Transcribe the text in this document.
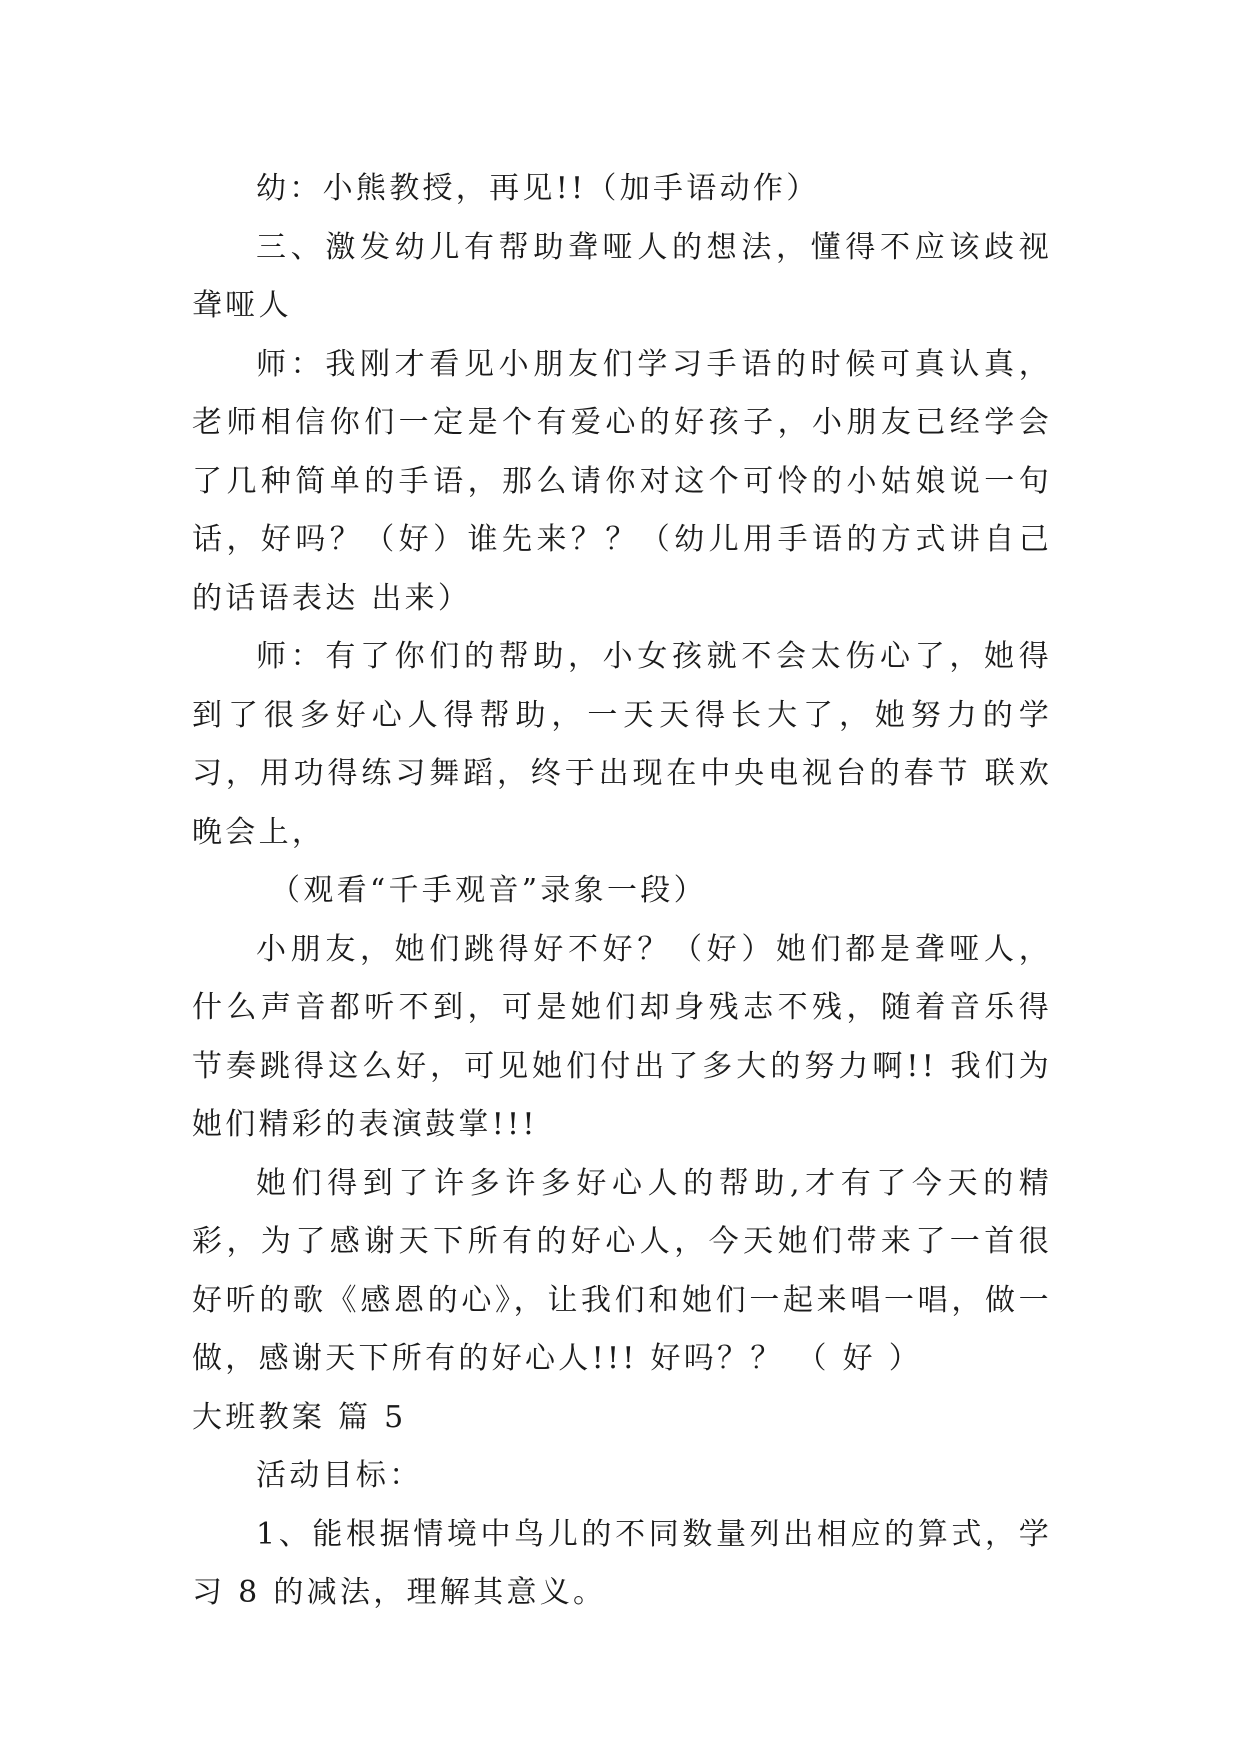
幼：小熊教授，再见!!（加手语动作）

三、激发幼儿有帮助聋哑人的想法，懂得不应该歧视聋哑人

师：我刚才看见小朋友们学习手语的时候可真认真，老师相信你们一定是个有爱心的好孩子，小朋友已经学会了几种简单的手语，那么请你对这个可怜的小姑娘说一句话，好吗？（好）谁先来？？（幼儿用手语的方式讲自己的话语表达 出来）

师：有了你们的帮助，小女孩就不会太伤心了，她得到了很多好心人得帮助，一天天得长大了，她努力的学习，用功得练习舞蹈，终于出现在中央电视台的春节 联欢晚会上，

（观看“千手观音”录象一段）

小朋友，她们跳得好不好？（好）她们都是聋哑人，什么声音都听不到，可是她们却身残志不残，随着音乐得节奏跳得这么好，可见她们付出了多大的努力啊!! 我们为她们精彩的表演鼓掌!!!

她们得到了许多许多好心人的帮助,才有了今天的精彩，为了感谢天下所有的好心人，今天她们带来了一首很好听的歌《感恩的心》，让我们和她们一起来唱一唱，做一做，感谢天下所有的好心人!!! 好吗？？ （ 好 ）

大班教案 篇 5

活动目标：

1、能根据情境中鸟儿的不同数量列出相应的算式，学习 8 的减法，理解其意义。
